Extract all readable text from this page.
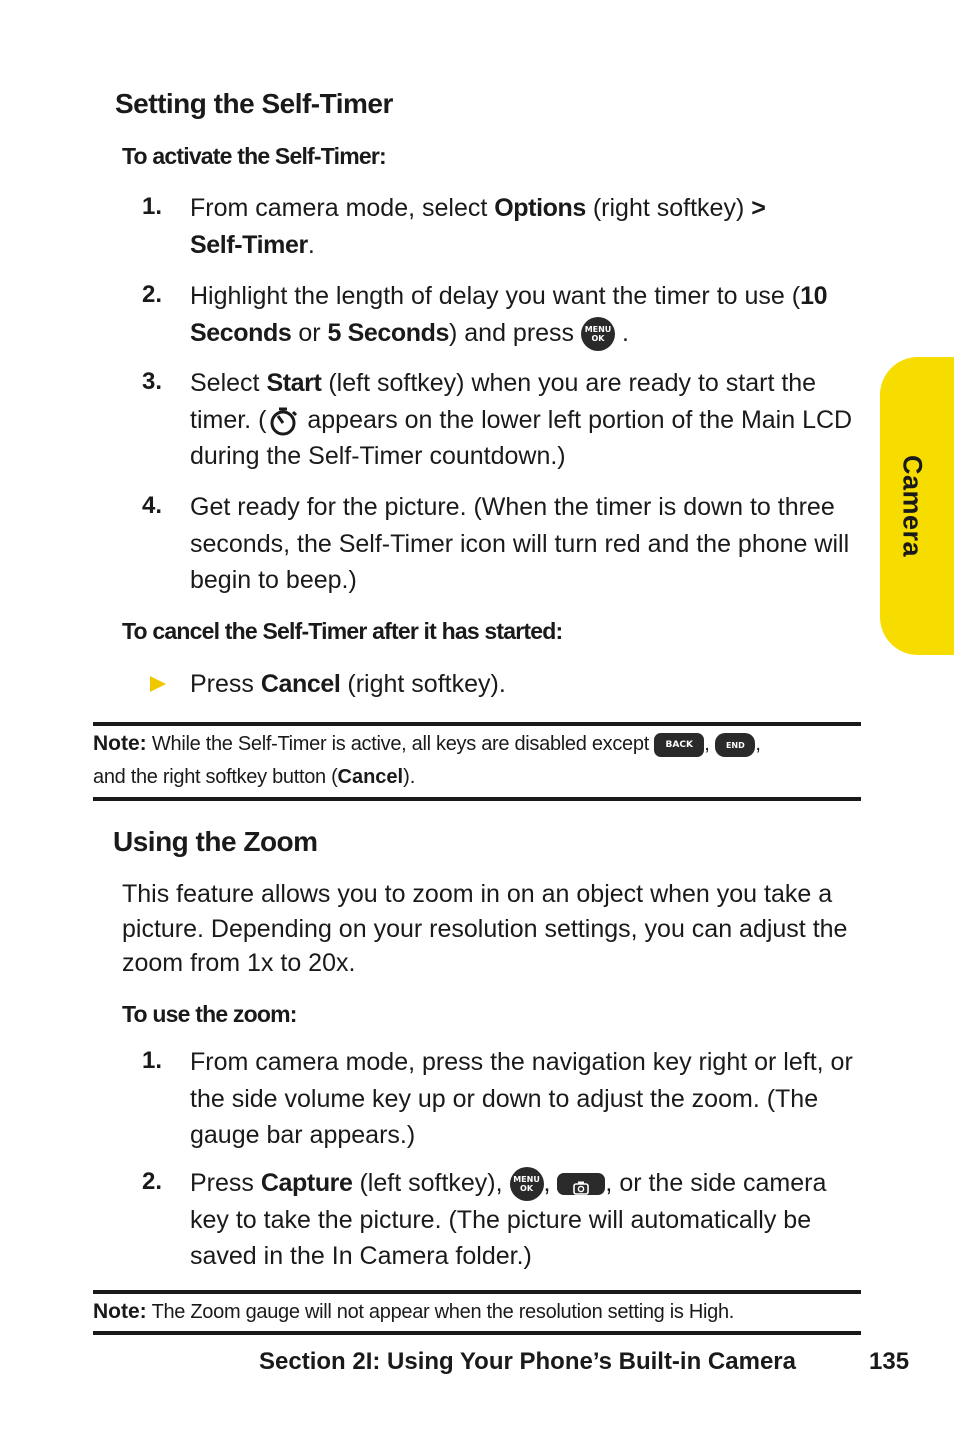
Camera
Setting the Self-Timer
To activate the Self-Timer:
1. From camera mode, select Options (right softkey) >
Self-Timer.
2. Highlight the length of delay you want the timer to use (10 Seconds or 5 Seconds) and press MENU
OK .
3. Select Start (left softkey) when you are ready to start the timer. ( appears on the lower left portion of the Main LCD during the Self-Timer countdown.)
4. Get ready for the picture. (When the timer is down to three seconds, the Self-Timer icon will turn red and the phone will begin to beep.)
To cancel the Self-Timer after it has started:
Press Cancel (right softkey).
Note: While the Self-Timer is active, all keys are disabled except BACK , END ,
and the right softkey button (Cancel).
Using the Zoom
This feature allows you to zoom in on an object when you take a picture. Depending on your resolution settings, you can adjust the zoom from 1x to 20x.
To use the zoom:
1. From camera mode, press the navigation key right or left, or the side volume key up or down to adjust the zoom. (The gauge bar appears.)
2. Press Capture (left softkey), MENU
OK , , or the side camera key to take the picture. (The picture will automatically be saved in the In Camera folder.)
Note: The Zoom gauge will not appear when the resolution setting is High.
Section 2I: Using Your Phone’s Built-in Camera	135
